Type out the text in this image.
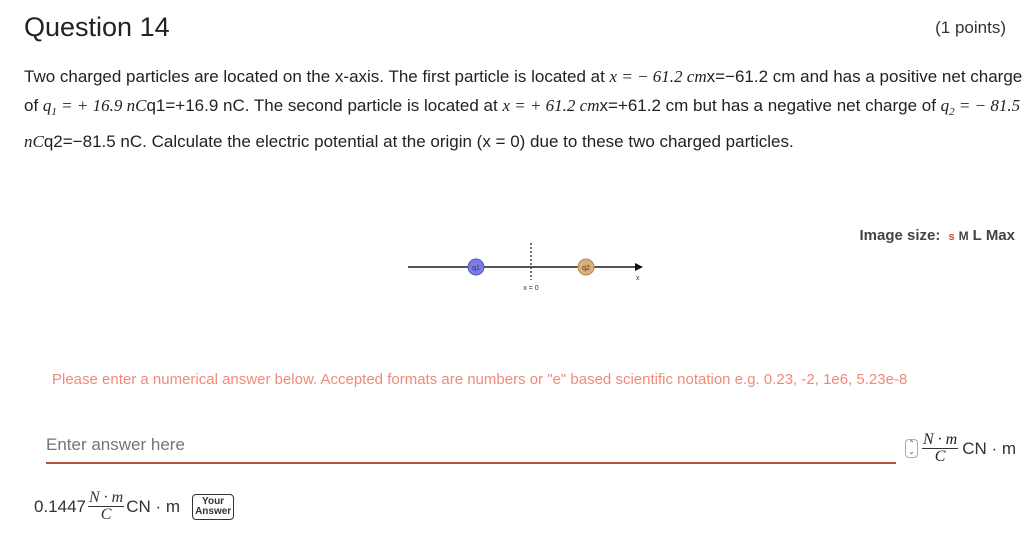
Question 14	(1 points)
Two charged particles are located on the x-axis. The first particle is located at x = − 61.2 cmx=−61.2 cm and has a positive net charge of $q_1$ = + 16.9 nCq1=+16.9 nC. The second particle is located at x = + 61.2 cmx=+61.2 cm but has a negative net charge of $q_2$ = − 81.5 nCq2=−81.5 nC. Calculate the electric potential at the origin (x = 0) due to these two charged particles.
Image size: s M L Max
q1	q2
x = 0
x
Please enter a numerical answer below. Accepted formats are numbers or "e" based scientific notation e.g. 0.23, -2, 1e6, 5.23e-8
Enter answer here
⌃
⌄ $\frac{N \cdot m}{C}$ CN · m
$0.1447 \frac{N \cdot m}{C}$ CN · m	Your Answer
